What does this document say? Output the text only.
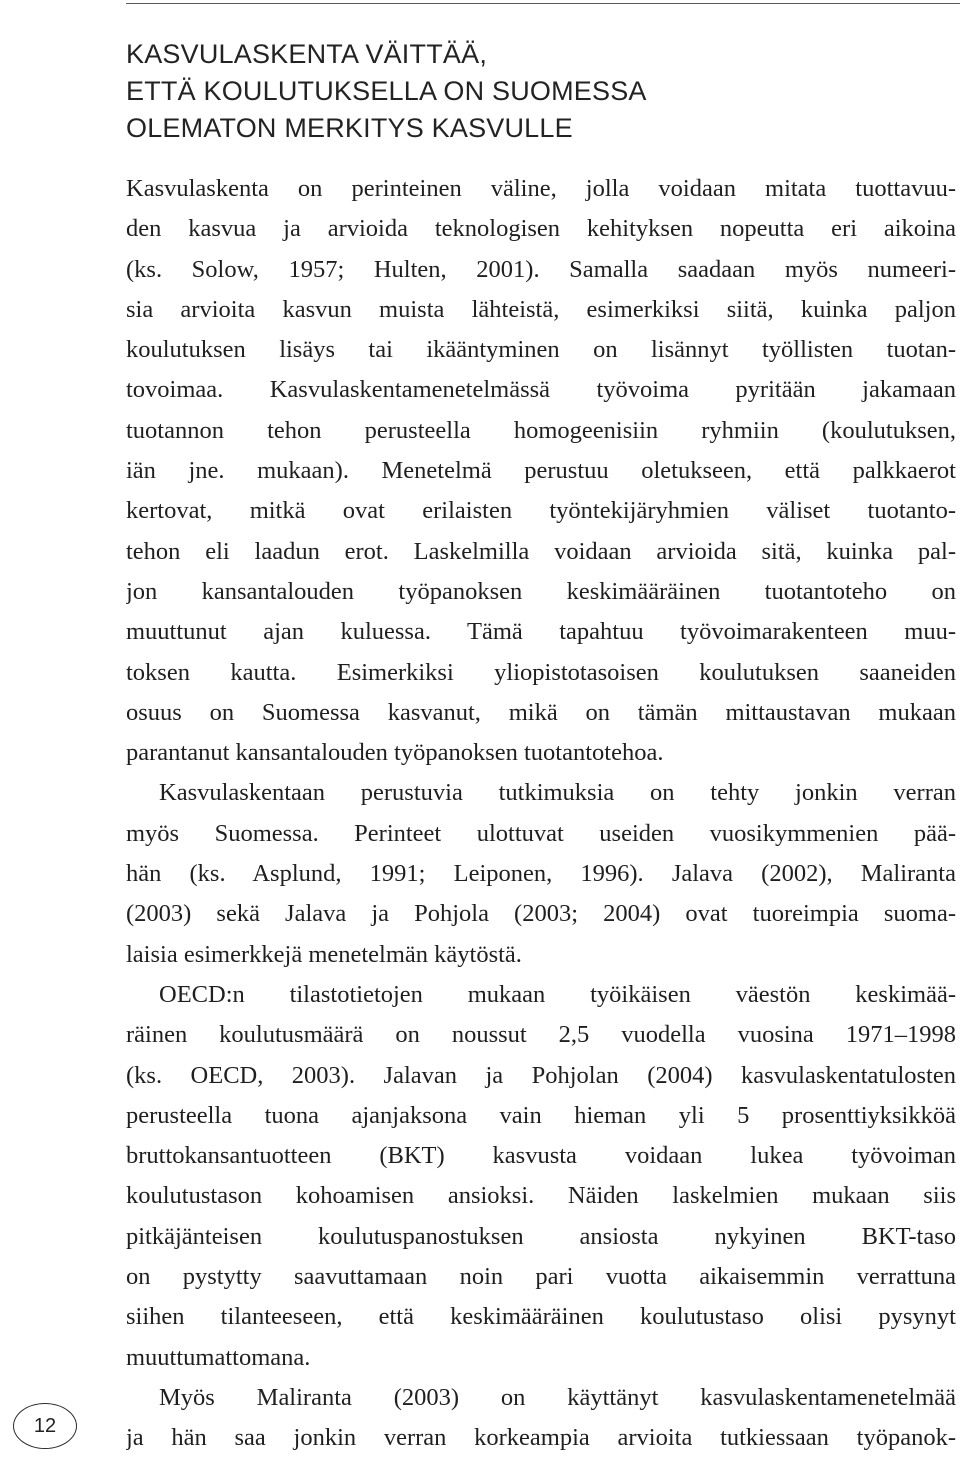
KASVULASKENTA VÄITTÄÄ,
ETTÄ KOULUTUKSELLA ON SUOMESSA
OLEMATON MERKITYS KASVULLE
Kasvulaskenta on perinteinen väline, jolla voidaan mitata tuottavuu-
den kasvua ja arvioida teknologisen kehityksen nopeutta eri aikoina
(ks. Solow, 1957; Hulten, 2001). Samalla saadaan myös numeeri-
sia arvioita kasvun muista lähteistä, esimerkiksi siitä, kuinka paljon
koulutuksen lisäys tai ikääntyminen on lisännyt työllisten tuotan-
tovoimaa. Kasvulaskentamenetelmässä työvoima pyritään jakamaan
tuotannon tehon perusteella homogeenisiin ryhmiin (koulutuksen,
iän jne. mukaan). Menetelmä perustuu oletukseen, että palkkaerot
kertovat, mitkä ovat erilaisten työntekijäryhmien väliset tuotanto-
tehon eli laadun erot. Laskelmilla voidaan arvioida sitä, kuinka pal-
jon kansantalouden työpanoksen keskimääräinen tuotantoteho on
muuttunut ajan kuluessa. Tämä tapahtuu työvoimarakenteen muu-
toksen kautta. Esimerkiksi yliopistotasoisen koulutuksen saaneiden
osuus on Suomessa kasvanut, mikä on tämän mittaustavan mukaan
parantanut kansantalouden työpanoksen tuotantotehoa.
Kasvulaskentaan perustuvia tutkimuksia on tehty jonkin verran
myös Suomessa. Perinteet ulottuvat useiden vuosikymmenien pää-
hän (ks. Asplund, 1991; Leiponen, 1996). Jalava (2002), Maliranta
(2003) sekä Jalava ja Pohjola (2003; 2004) ovat tuoreimpia suoma-
laisia esimerkkejä menetelmän käytöstä.
OECD:n tilastotietojen mukaan työikäisen väestön keskimää-
räinen koulutusmäärä on noussut 2,5 vuodella vuosina 1971–1998
(ks. OECD, 2003). Jalavan ja Pohjolan (2004) kasvulaskentatulosten
perusteella tuona ajanjaksona vain hieman yli 5 prosenttiyksikköä
bruttokansantuotteen (BKT) kasvusta voidaan lukea työvoiman
koulutustason kohoamisen ansioksi. Näiden laskelmien mukaan siis
pitkäjänteisen koulutuspanostuksen ansiosta nykyinen BKT-taso
on pystytty saavuttamaan noin pari vuotta aikaisemmin verrattuna
siihen tilanteeseen, että keskimääräinen koulutustaso olisi pysynyt
muuttumattomana.
Myös Maliranta (2003) on käyttänyt kasvulaskentamenetelmää
ja hän saa jonkin verran korkeampia arvioita tutkiessaan työpanok-
12
